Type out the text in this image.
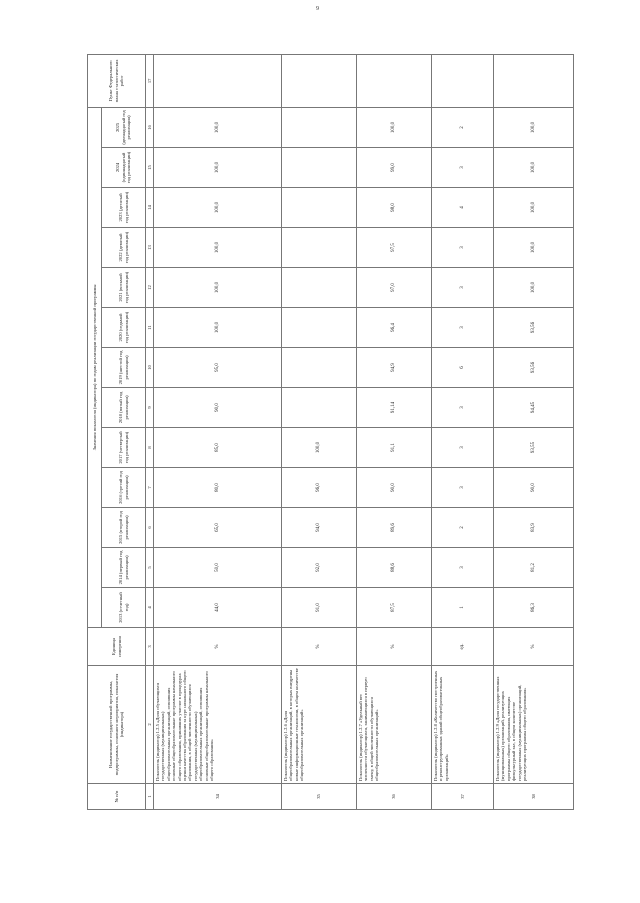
9
№ п/п	Наименование государственной программы, подпрограммы, основного мероприятия, показателя (индикатора)	Единица измерения	Значения показателя (индикатора) по годам реализации государственной программы													Пункт Федерального плана статистических работ
			2013 (отчетный год)	2014 (первый год реализации)	2015 (второй год реализации)	2016 (третий год реализации)	2017 (четвертый год реализации)	2018 (пятый год реализации)	2019 (шестой год реализации)	2020 (седьмой год реализации)	2021 (восьмой год реализации)	2022 (девятый год реализации)	2023 (десятый год реализации)	2024 (одиннадцатый год реализации)	2025 (двенадцатый год реализации)	
1	2	3	4	5	6	7	8	9	10	11	12	13	14	15	16	17
34	Показатель (индикатор) 1.2.5 «Доля обучающихся государственных (муниципальных) общеобразовательных организаций, освоивших основные общеобразовательные программы начального общего образования, принявших участие в процедурах оценки качества образования за курс начального общего образования, в общей численности обучающихся государственных (муниципальных) общеобразовательных организаций, освоивших основные общеобразовательные программы начального общего образования»	%	44,0	50,0	65,0	80,0	85,0	90,0	95,0	100,0	100,0	100,0	100,0	100,0	100,0	
35	Показатель (индикатор) 1.2.6 «Доля общеобразовательных организаций, в которых внедрены новые информационные технологии, в общем количестве общеобразовательных организаций»	%	91,0	92,0	94,0	96,0	100,0									
36	Показатель (индикатор) 1.2.7 «Удельный вес численности обучающихся, занимающихся в первую смену, в общей численности обучающихся общеобразовательных организаций»	%	87,5	88,6	89,6	90,0	91,1	91,14	94,9	96,4	97,0	97,5	98,0	99,0	100,0	
37	Показатель (индикатор) 1.2.8 «Количество построенных и реконструированных зданий общеобразовательных организаций»	ед.	1	3	2	3	3	3	6	3	3	3	4	3	2	
38	Показатель (индикатор) 1.2.9 «Доля государственных (муниципальных) организаций, реализующих программы общего образования, имеющих физкультурный зал, в общем количестве государственных (муниципальных) организаций, реализующих программы общего образования»	%	86,3	81,2	83,9	90,0	93,55	94,45	93,56	93,56	100,0	100,0	100,0	100,0	100,0	
